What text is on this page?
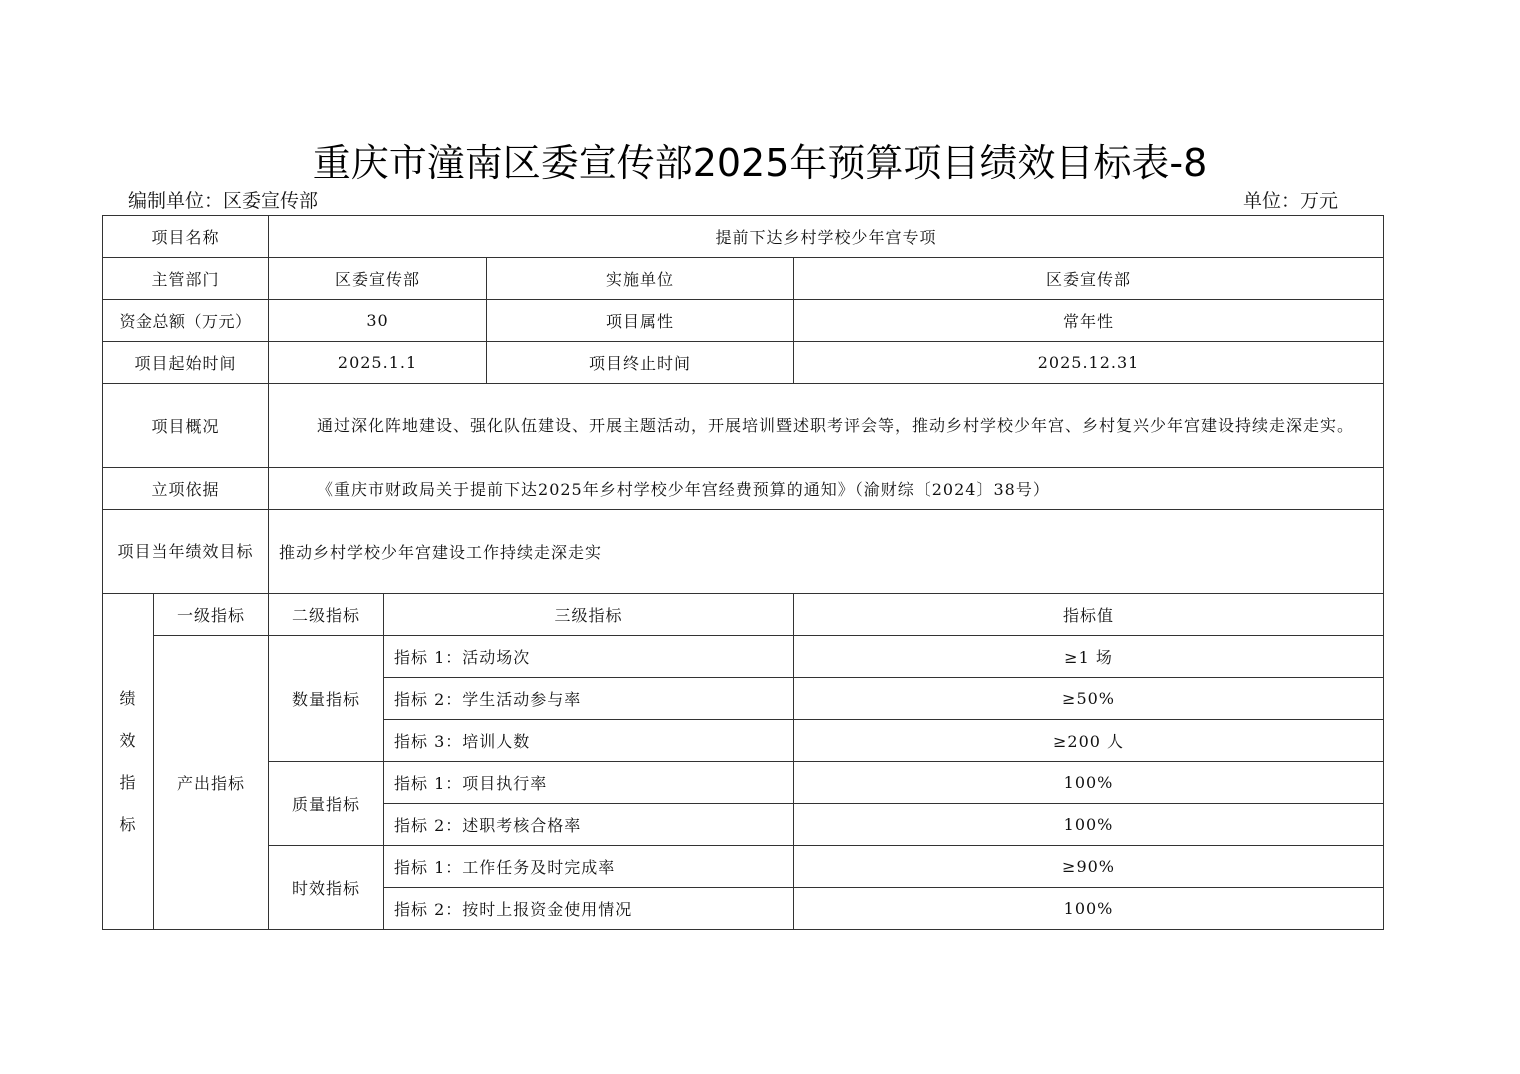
重庆市潼南区委宣传部2025年预算项目绩效目标表-8
编制单位：区委宣传部	单位：万元
项目名称		提前下达乡村学校少年宫专项			
主管部门		区委宣传部		实施单位	区委宣传部
资金总额（万元）		30		项目属性	常年性
项目起始时间		2025.1.1		项目终止时间	2025.12.31
项目概况		通过深化阵地建设、强化队伍建设、开展主题活动，开展培训暨述职考评会等，推动乡村学校少年宫、乡村复兴少年宫建设持续走深走实。			
立项依据		《重庆市财政局关于提前下达2025年乡村学校少年宫经费预算的通知》（渝财综〔2024〕38号）			
项目当年绩效目标		推动乡村学校少年宫建设工作持续走深走实			
绩效指标	一级指标	二级指标	三级指标		指标值
	产出指标	数量指标	指标 1：活动场次		≥1 场
			指标 2：学生活动参与率		≥50%
			指标 3：培训人数		≥200 人
		质量指标	指标 1：项目执行率		100%
			指标 2：述职考核合格率		100%
		时效指标	指标 1：工作任务及时完成率		≥90%
			指标 2：按时上报资金使用情况		100%
